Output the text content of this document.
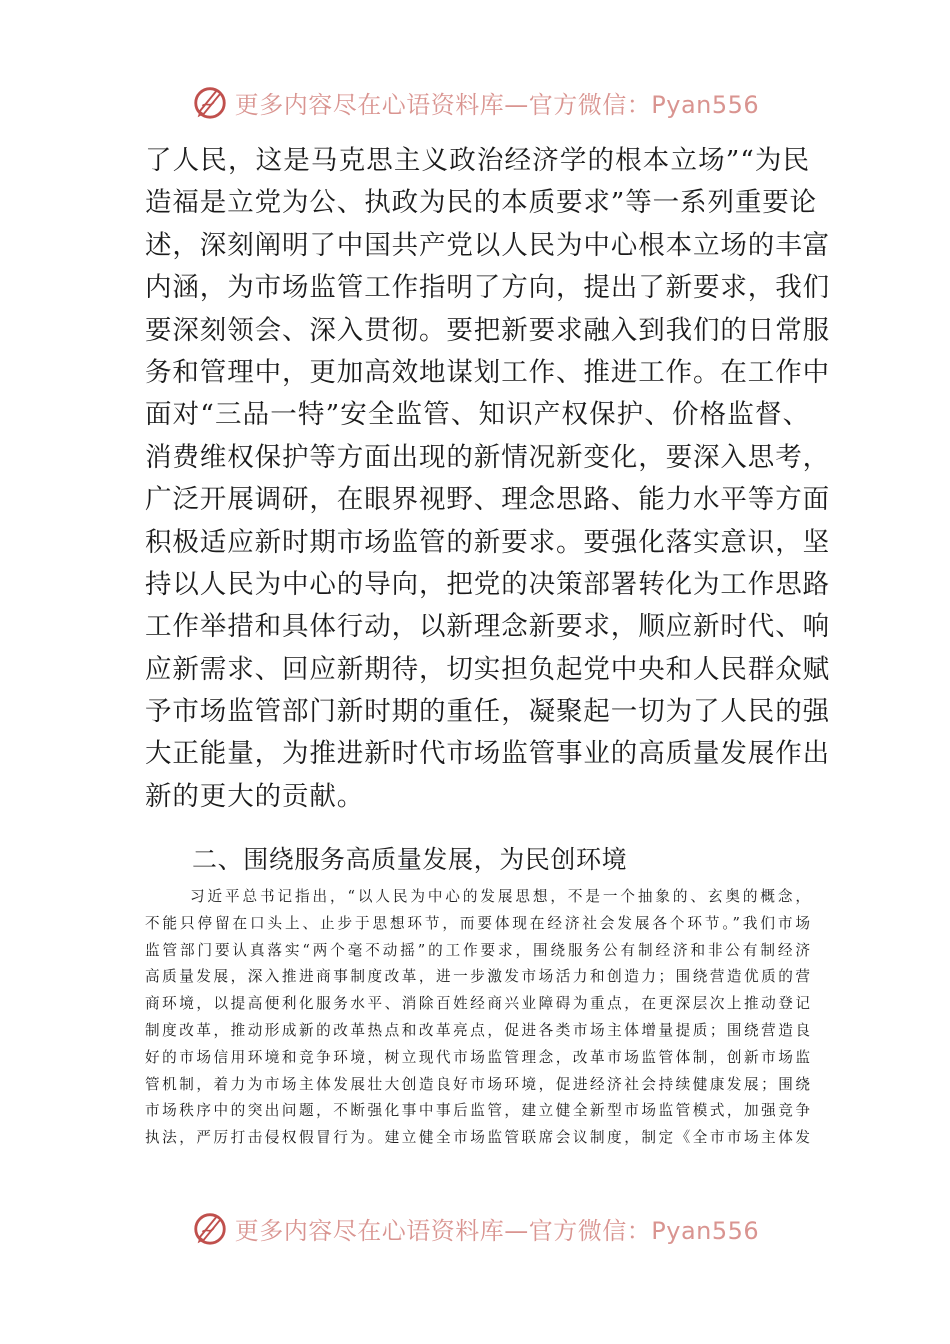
更多内容尽在心语资料库—官方微信：Pyan556
了人民，这是马克思主义政治经济学的根本立场”“为民
造福是立党为公、执政为民的本质要求”等一系列重要论
述，深刻阐明了中国共产党以人民为中心根本立场的丰富
内涵，为市场监管工作指明了方向，提出了新要求，我们
要深刻领会、深入贯彻。要把新要求融入到我们的日常服
务和管理中，更加高效地谋划工作、推进工作。在工作中
面对“三品一特”安全监管、知识产权保护、价格监督、
消费维权保护等方面出现的新情况新变化，要深入思考，
广泛开展调研，在眼界视野、理念思路、能力水平等方面
积极适应新时期市场监管的新要求。要强化落实意识，坚
持以人民为中心的导向，把党的决策部署转化为工作思路
工作举措和具体行动，以新理念新要求，顺应新时代、响
应新需求、回应新期待，切实担负起党中央和人民群众赋
予市场监管部门新时期的重任，凝聚起一切为了人民的强
大正能量，为推进新时代市场监管事业的高质量发展作出
新的更大的贡献。
二、围绕服务高质量发展，为民创环境
习近平总书记指出，“以人民为中心的发展思想，不是一个抽象的、玄奥的概念，
不能只停留在口头上、止步于思想环节，而要体现在经济社会发展各个环节。”我们市场
监管部门要认真落实“两个毫不动摇”的工作要求，围绕服务公有制经济和非公有制经济
高质量发展，深入推进商事制度改革，进一步激发市场活力和创造力；围绕营造优质的营
商环境，以提高便利化服务水平、消除百姓经商兴业障碍为重点，在更深层次上推动登记
制度改革，推动形成新的改革热点和改革亮点，促进各类市场主体增量提质；围绕营造良
好的市场信用环境和竞争环境，树立现代市场监管理念，改革市场监管体制，创新市场监
管机制，着力为市场主体发展壮大创造良好市场环境，促进经济社会持续健康发展；围绕
市场秩序中的突出问题，不断强化事中事后监管，建立健全新型市场监管模式，加强竞争
执法，严厉打击侵权假冒行为。建立健全市场监管联席会议制度，制定《全市市场主体发
更多内容尽在心语资料库—官方微信：Pyan556
